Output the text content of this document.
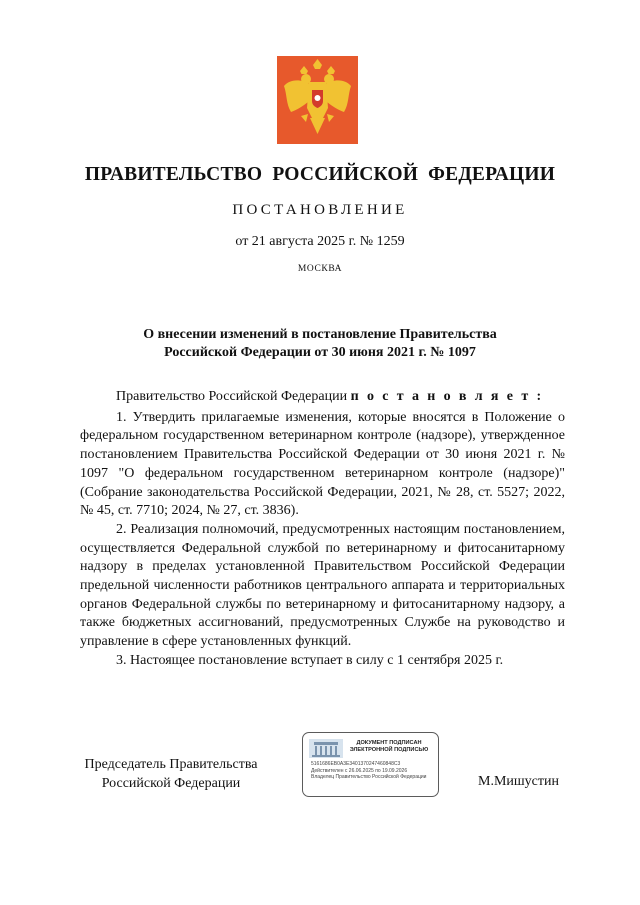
ПРАВИТЕЛЬСТВО РОССИЙСКОЙ ФЕДЕРАЦИИ
ПОСТАНОВЛЕНИЕ
от 21 августа 2025 г. № 1259
МОСКВА
О внесении изменений в постановление Правительства
Российской Федерации от 30 июня 2021 г. № 1097

Правительство Российской Федерации п о с т а н о в л я е т :

1. Утвердить прилагаемые изменения, которые вносятся в Положение о федеральном государственном ветеринарном контроле (надзоре), утвержденное постановлением Правительства Российской Федерации от 30 июня 2021 г. № 1097 "О федеральном государственном ветеринарном контроле (надзоре)" (Собрание законодательства Российской Федерации, 2021, № 28, ст. 5527; 2022, № 45, ст. 7710; 2024, № 27, ст. 3836).

2. Реализация полномочий, предусмотренных настоящим постановлением, осуществляется Федеральной службой по ветеринарному и фитосанитарному надзору в пределах установленной Правительством Российской Федерации предельной численности работников центрального аппарата и территориальных органов Федеральной службы по ветеринарному и фитосанитарному надзору, а также бюджетных ассигнований, предусмотренных Службе на руководство и управление в сфере установленных функций.

3. Настоящее постановление вступает в силу с 1 сентября 2025 г.

Председатель Правительства
Российской Федерации
ДОКУМЕНТ ПОДПИСАН
ЭЛЕКТРОННОЙ ПОДПИСЬЮ
5161686EB0A3E3401370247460848C3
Действителен с 26.06.2025 по 19.09.2026
Владелец Правительство Российской Федерации	М.Мишустин
